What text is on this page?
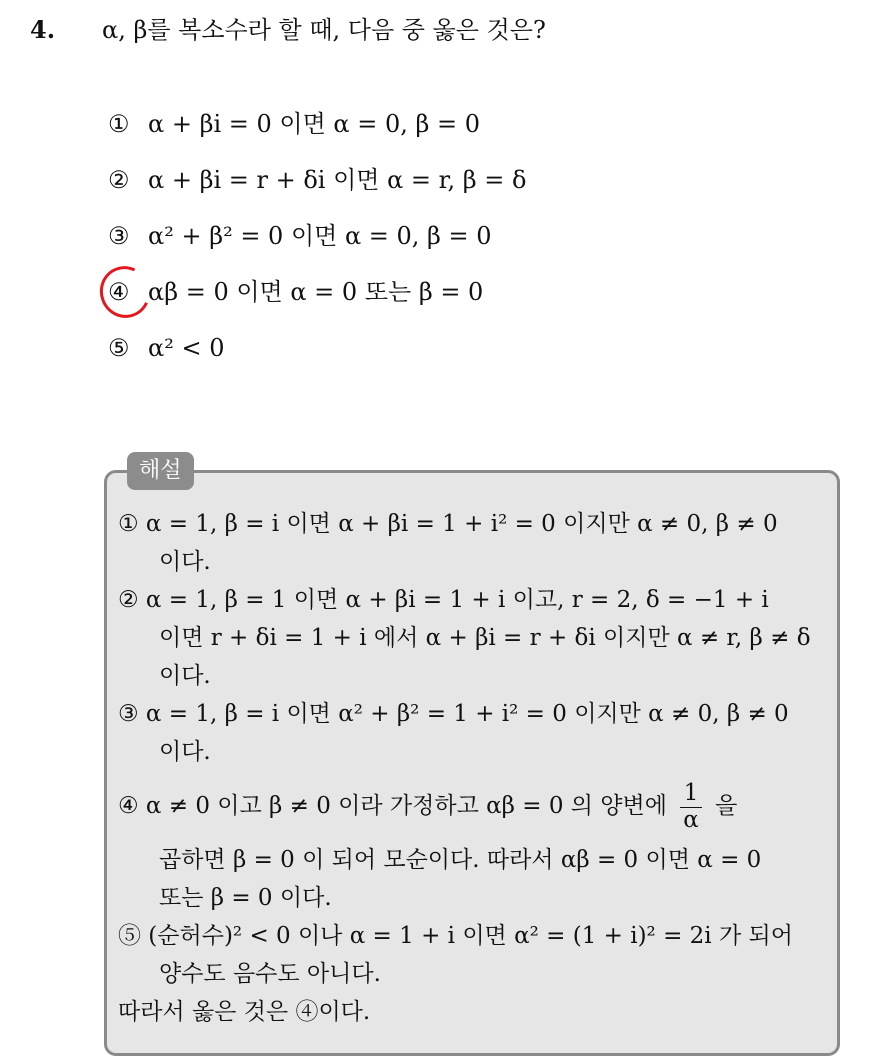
4. α, β를 복소수라 할 때, 다음 중 옳은 것은?
① α + βi = 0 이면 α = 0, β = 0
② α + βi = r + δi 이면 α = r, β = δ
③ α² + β² = 0 이면 α = 0, β = 0
④ αβ = 0 이면 α = 0 또는 β = 0
⑤ α² < 0
해설
① α = 1, β = i 이면 α + βi = 1 + i² = 0 이지만 α ≠ 0, β ≠ 0
이다.
② α = 1, β = 1 이면 α + βi = 1 + i 이고, r = 2, δ = −1 + i
이면 r + δi = 1 + i 에서 α + βi = r + δi 이지만 α ≠ r, β ≠ δ
이다.
③ α = 1, β = i 이면 α² + β² = 1 + i² = 0 이지만 α ≠ 0, β ≠ 0
이다.
④ α ≠ 0 이고 β ≠ 0 이라 가정하고 αβ = 0 의 양변에 $\frac{1}{\alpha}$ 을
곱하면 β = 0 이 되어 모순이다. 따라서 αβ = 0 이면 α = 0
또는 β = 0 이다.
⑤ (순허수)² < 0 이나 α = 1 + i 이면 α² = (1 + i)² = 2i 가 되어
양수도 음수도 아니다.
따라서 옳은 것은 ④이다.
